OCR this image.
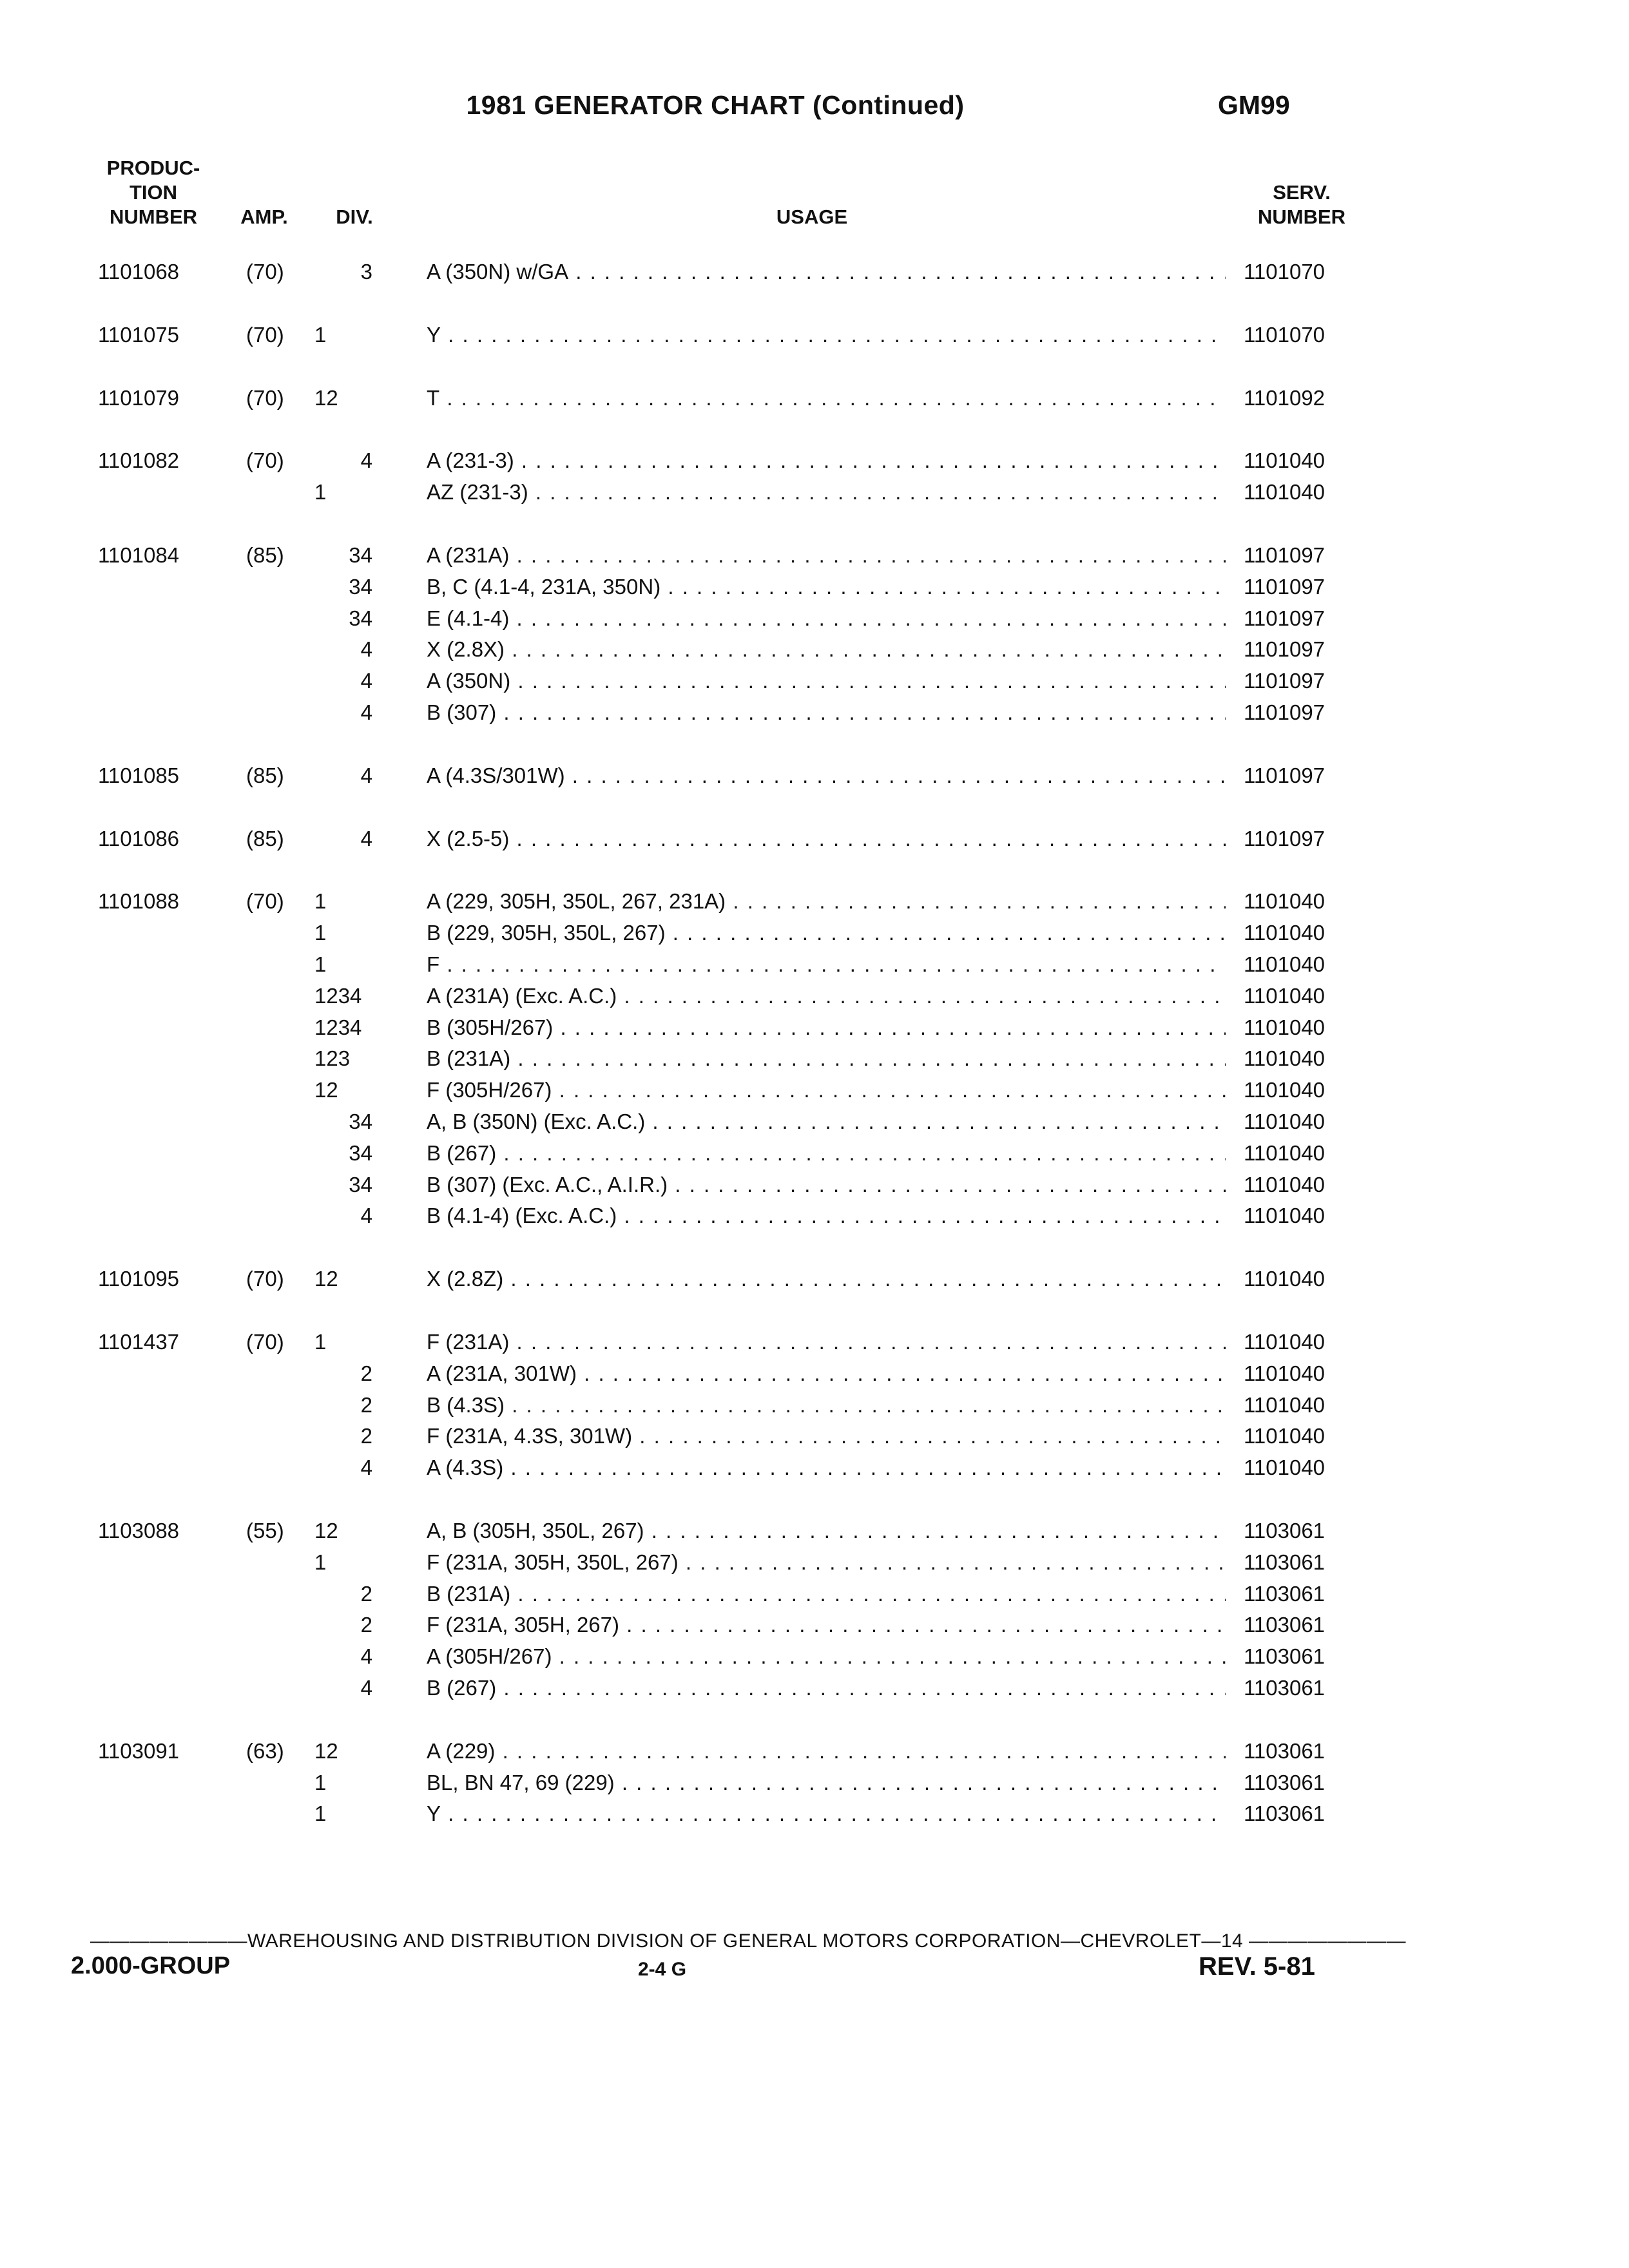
1981 GENERATOR CHART (Continued)	GM99
PRODUC-
TION
NUMBER	AMP.	DIV.	USAGE
SERV.
NUMBER
1101068	(70)	3	A (350N) w/GA . . .	1101070
1101075	(70) 1	Y . . .	1101070
1101079	(70) 12	T . . .	1101092
1101082	(70)	4	A (231-3) . . .	1101040
1	AZ (231-3) . . .	1101040
1101084	(85)	34	A (231A) . . .	1101097
34	B, C (4.1-4, 231A, 350N) . . .	1101097
34	E (4.1-4) . . .	1101097
4	X (2.8X) . . .	1101097
4	A (350N) . . .	1101097
4	B (307) . . .	1101097
1101085	(85)	4	A (4.3S/301W) . . .	1101097
1101086	(85)	4	X (2.5-5) . . .	1101097
1101088	(70) 1	A (229, 305H, 350L, 267, 231A) . . .	1101040
1	B (229, 305H, 350L, 267) . . .	1101040
1	F . . .	1101040
1234	A (231A) (Exc. A.C.) . . .	1101040
1234	B (305H/267) . . .	1101040
123	B (231A) . . .	1101040
12	F (305H/267) . . .	1101040
34	A, B (350N) (Exc. A.C.) . . .	1101040
34	B (267) . . .	1101040
34	B (307) (Exc. A.C., A.I.R.) . . .	1101040
4	B (4.1-4) (Exc. A.C.) . . .	1101040
1101095	(70) 12	X (2.8Z) . . .	1101040
1101437	(70) 1	F (231A) . . .	1101040
2	A (231A, 301W) . . .	1101040
2	B (4.3S) . . .	1101040
2	F (231A, 4.3S, 301W) . . .	1101040
4	A (4.3S) . . .	1101040
1103088	(55) 12	A, B (305H, 350L, 267) . . .	1103061
1	F (231A, 305H, 350L, 267) . . .	1103061
2	B (231A) . . .	1103061
2	F (231A, 305H, 267) . . .	1103061
4	A (305H/267) . . .	1103061
4	B (267) . . .	1103061
1103091	(63) 12	A (229) . . .	1103061
1	BL, BN 47, 69 (229) . . .	1103061
1	Y . . .	1103061
————————WAREHOUSING AND DISTRIBUTION DIVISION OF GENERAL MOTORS CORPORATION—CHEVROLET—14 ————————
2.000-GROUP	2-4 G	REV. 5-81
